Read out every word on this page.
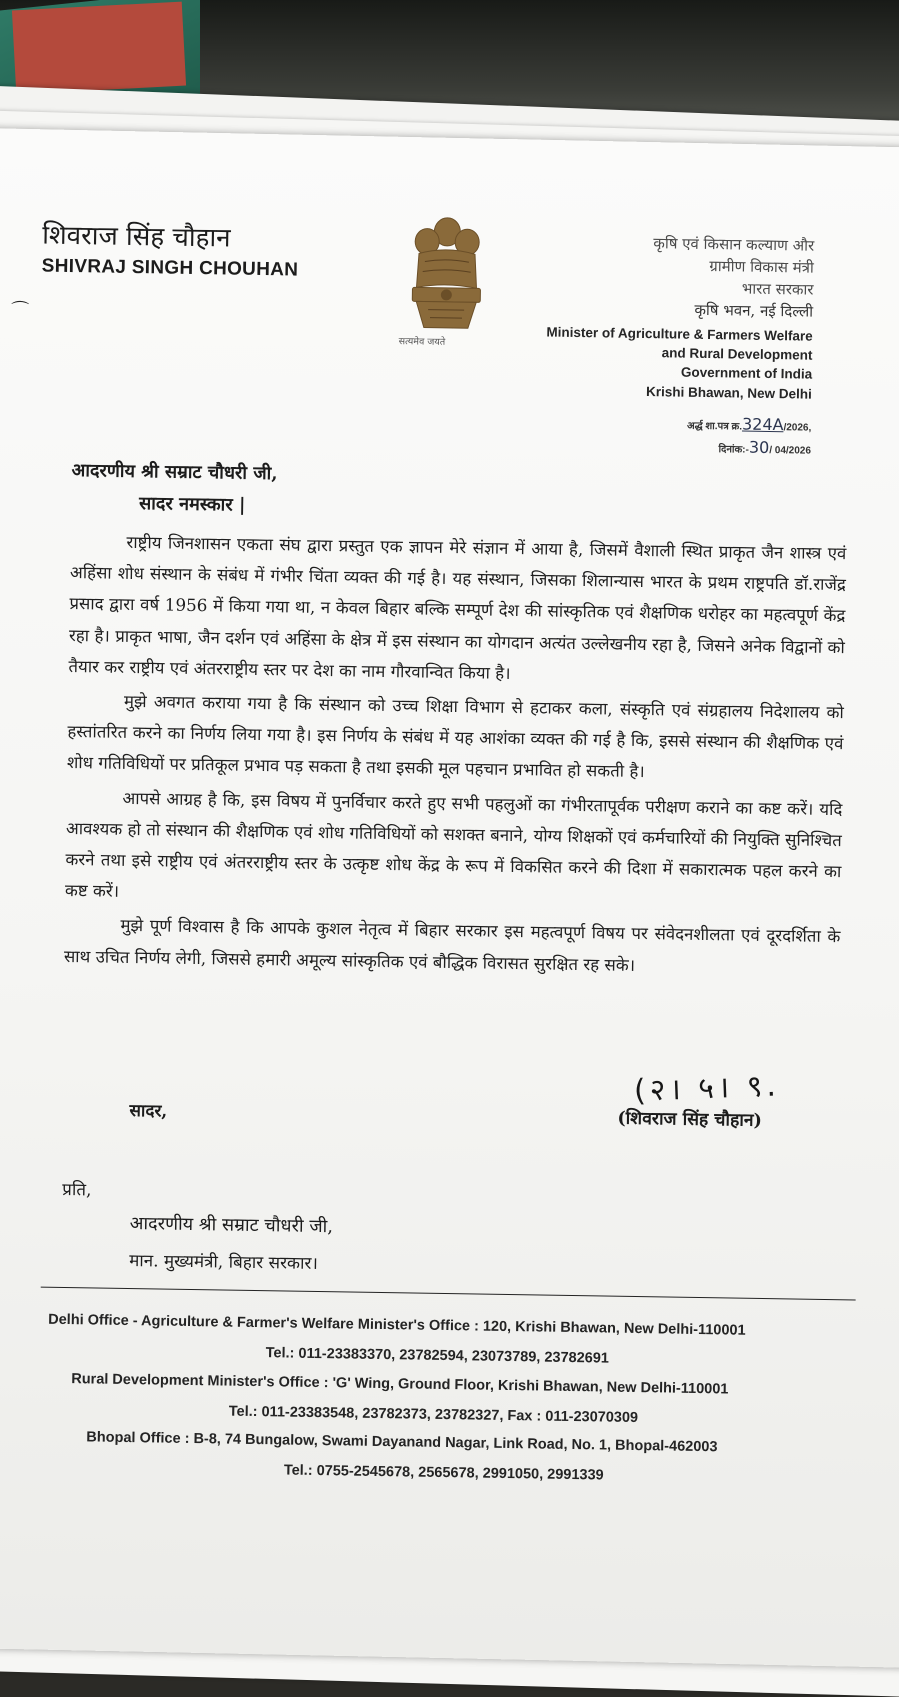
शिवराज सिंह चौहान
SHIVRAJ SINGH CHOUHAN
⌒
सत्यमेव जयते
कृषि एवं किसान कल्याण और
ग्रामीण विकास मंत्री
भारत सरकार
कृषि भवन, नई दिल्ली
Minister of Agriculture & Farmers Welfare
and Rural Development
Government of India
Krishi Bhawan, New Delhi
अर्द्ध शा.पत्र क्र.324A/2026,
दिनांक:-30/ 04/2026
आदरणीय श्री सम्राट चौधरी जी,
सादर नमस्कार |

राष्ट्रीय जिनशासन एकता संघ द्वारा प्रस्तुत एक ज्ञापन मेरे संज्ञान में आया है, जिसमें वैशाली स्थित प्राकृत जैन शास्त्र एवं अहिंसा शोध संस्थान के संबंध में गंभीर चिंता व्यक्त की गई है। यह संस्थान, जिसका शिलान्यास भारत के प्रथम राष्ट्रपति डॉ.राजेंद्र प्रसाद द्वारा वर्ष 1956 में किया गया था, न केवल बिहार बल्कि सम्पूर्ण देश की सांस्कृतिक एवं शैक्षणिक धरोहर का महत्वपूर्ण केंद्र रहा है। प्राकृत भाषा, जैन दर्शन एवं अहिंसा के क्षेत्र में इस संस्थान का योगदान अत्यंत उल्लेखनीय रहा है, जिसने अनेक विद्वानों को तैयार कर राष्ट्रीय एवं अंतरराष्ट्रीय स्तर पर देश का नाम गौरवान्वित किया है।

मुझे अवगत कराया गया है कि संस्थान को उच्च शिक्षा विभाग से हटाकर कला, संस्कृति एवं संग्रहालय निदेशालय को हस्तांतरित करने का निर्णय लिया गया है। इस निर्णय के संबंध में यह आशंका व्यक्त की गई है कि, इससे संस्थान की शैक्षणिक एवं शोध गतिविधियों पर प्रतिकूल प्रभाव पड़ सकता है तथा इसकी मूल पहचान प्रभावित हो सकती है।

आपसे आग्रह है कि, इस विषय में पुनर्विचार करते हुए सभी पहलुओं का गंभीरतापूर्वक परीक्षण कराने का कष्ट करें। यदि आवश्यक हो तो संस्थान की शैक्षणिक एवं शोध गतिविधियों को सशक्त बनाने, योग्य शिक्षकों एवं कर्मचारियों की नियुक्ति सुनिश्चित करने तथा इसे राष्ट्रीय एवं अंतरराष्ट्रीय स्तर के उत्कृष्ट शोध केंद्र के रूप में विकसित करने की दिशा में सकारात्मक पहल करने का कष्ट करें।

मुझे पूर्ण विश्वास है कि आपके कुशल नेतृत्व में बिहार सरकार इस महत्वपूर्ण विषय पर संवेदनशीलता एवं दूरदर्शिता के साथ उचित निर्णय लेगी, जिससे हमारी अमूल्य सांस्कृतिक एवं बौद्धिक विरासत सुरक्षित रह सके।

सादर,
(२। ५। ९.
(शिवराज सिंह चौहान)
प्रति,
आदरणीय श्री सम्राट चौधरी जी,
मान. मुख्यमंत्री, बिहार सरकार।
Delhi Office - Agriculture & Farmer's Welfare Minister's Office : 120, Krishi Bhawan, New Delhi-110001
Tel.: 011-23383370, 23782594, 23073789, 23782691
Rural Development Minister's Office : 'G' Wing, Ground Floor, Krishi Bhawan, New Delhi-110001
Tel.: 011-23383548, 23782373, 23782327, Fax : 011-23070309
Bhopal Office : B-8, 74 Bungalow, Swami Dayanand Nagar, Link Road, No. 1, Bhopal-462003
Tel.: 0755-2545678, 2565678, 2991050, 2991339
